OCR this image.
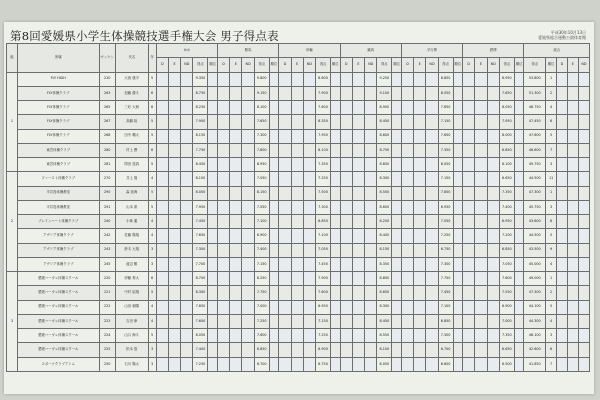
第8回愛媛県小学生体操競技選手権大会 男子得点表	平成30年10月13日
愛媛県総合運動公園体育館
組	所属	ゼッケン	氏名	年	ゆか					鞍馬					吊輪					跳馬					平行棒					鉄棒					総合				
					D	E	ND	得点	順位	D	E	ND	得点	順位	D	E	ND	得点	順位	D	E	ND	得点	順位	D	E	ND	得点	順位	D	E	ND	得点	順位	得点	順位	D	E	ND
1	FLY HIGH	210	大西 康平	5				9.350					9.800					8.600					9.250					8.850					8.950		53.800	1			
	FLY体操クラブ	263	加藤 優斗	6				8.750					9.150					7.900					9.100					8.550					7.850		51.300	2			
	FLY体操クラブ	265	三好 大和	6				8.250					8.100					7.600					8.900					7.850					8.050		48.750	4			
	FLY体操クラブ	267	高橋 陸	5				7.900					7.650					8.350					8.450					7.150					7.950		47.450	6			
	FLY体操クラブ	268	田中 颯太	5				8.150					7.300					7.950					8.600					7.600					8.000		47.600	5			
	東宮体操クラブ	280	村上 蒼	6				7.750					7.800					8.100					8.750					7.350					6.850		46.600	7			
	東宮体操クラブ	281	岡田 悠真	5				8.450					8.950					7.350					8.850					8.050					8.100		49.750	3			
2	ファースト体操クラブ	270	井上 翔	4				8.100					7.050					7.250					8.300					7.150					6.650		44.500	11			
	平井島体操教室	290	森 拓海	5				8.000					8.150					7.500					8.500					7.800					7.350		47.300	1			
	平井島体操教室	291	山本 湊	5				7.950					7.550					7.300					8.600					6.950					7.400		45.750	3			
	ブレインハート体操クラブ	240	小林 蓮	4				7.450					7.100					6.850					8.200					7.050					6.950		43.600	8			
	アザリア体操クラブ	242	佐藤 陽翔	4				7.650					6.900					7.100					8.400					7.250					7.200		44.500	5			
	アザリア体操クラブ	243	鈴木 大翔	3				7.300					7.400					7.050					8.150					6.750					6.850		43.500	9			
	アザリア体操クラブ	245	渡辺 樹	3				7.700					7.150					7.450					8.350					7.300					7.050		45.000	4			
3	愛媛ハーヴェ体操スクール	220	伊藤 奏太	6				8.700					8.250					7.900					8.800					7.750					7.600		49.000	1			
	愛媛ハーヴェ体操スクール	221	中村 結翔	5				8.300					7.750					7.600					8.650					7.450					7.550		47.300	2			
	愛媛ハーヴェ体操スクール	222	山田 朝陽	4				7.850					7.000					6.950					8.300					7.100					6.900		44.100	5			
	愛媛ハーヴェ体操スクール	223	吉田 律	4				7.600					7.250					7.150					8.450					6.850					7.000		44.300	4			
	愛媛ハーヴェ体操スクール	224	山口 海斗	5				8.050					7.600					7.250					8.550					7.300					7.350		46.100	3			
	愛媛ハーヴェ体操スクール	225	松本 悠	3				7.400					6.850					6.900					8.100					6.700					6.650		42.600	6			
	スポーツクラブアトム	250	石川 陽太	3				7.250					6.700					6.750					8.050					6.600					6.500		41.850	7			
